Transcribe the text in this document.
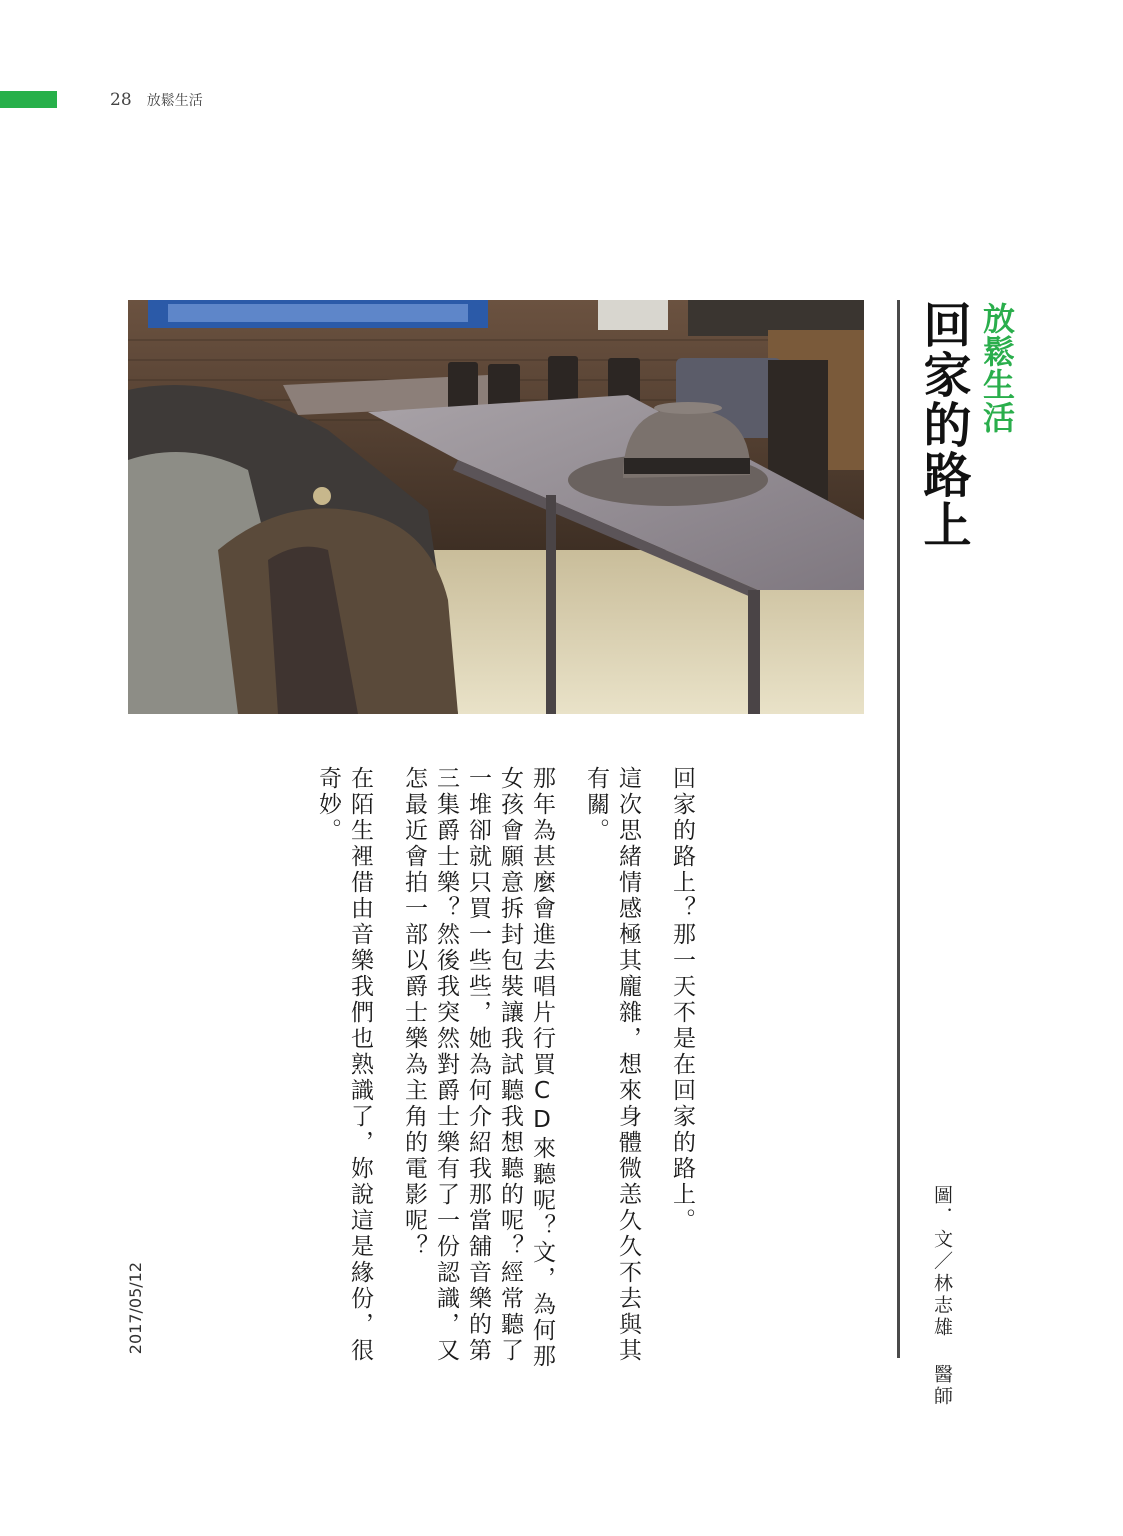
28 放鬆生活
放鬆生活
回家的路上
圖．文／林志雄 醫師

回家的路上？那一天不是在回家的路上。

這次思緒情感極其龐雜，想來身體微恙久久不去與其有關。

那年為甚麼會進去唱片行買CD來聽呢？文，為何那女孩會願意拆封包裝讓我試聽我想聽的呢？經常聽了一堆卻就只買一些些，她為何介紹我那當舖音樂的第三集爵士樂？然後我突然對爵士樂有了一份認識，又怎最近會拍一部以爵士樂為主角的電影呢？

在陌生裡借由音樂我們也熟識了，妳說這是緣份，很奇妙。

2017/05/12
